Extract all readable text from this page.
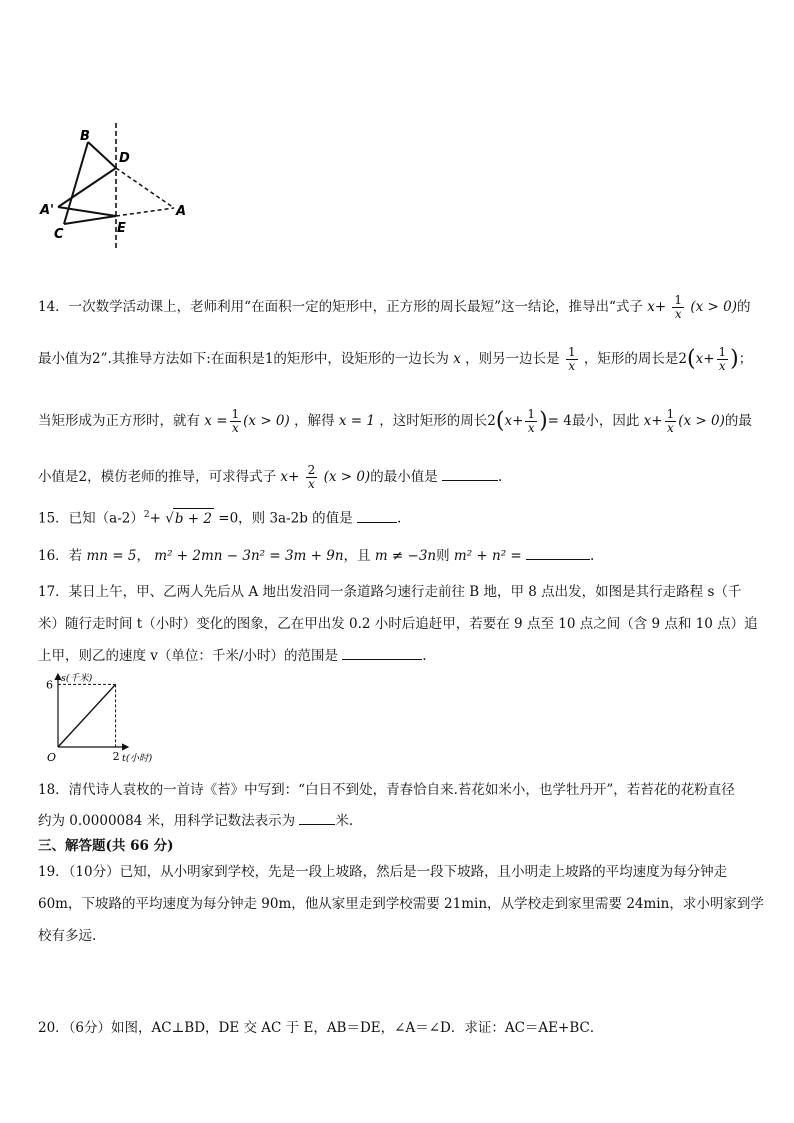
B
D
A'	A
C	E
14．一次数学活动课上，老师利用“在面积一定的矩形中，正方形的周长最短”这一结论，推导出“式子 $x+ \frac{1}{x} (x > 0)$的
最小值为2”.其推导方法如下:在面积是1的矩形中，设矩形的一边长为 x ，则另一边长是 $\frac{1}{x}$ ，矩形的周长是$2(x+ \frac{1}{x}$ )；
当矩形成为正方形时，就有 $x = \frac{1}{x} (x > 0)$ ，解得 x = 1 ，这时矩形的周长$2(x+ \frac{1}{x}$ )= 4最小，因此 $x+ \frac{1}{x} (x > 0)$的最
小值是2，模仿老师的推导，可求得式子 $x+ \frac{2}{x} (x > 0)$的最小值是	.
15．已知$(a-2)^2+ √b + 2 =0$，则 3a-2b 的值是	.
16．若 mn = 5， m² + 2mn − 3n² = 3m + 9n，且 m ≠ −3n则 m² + n² =	.
17．某日上午，甲、乙两人先后从 A 地出发沿同一条道路匀速行走前往 B 地，甲 8 点出发，如图是其行走路程 s（千
米）随行走时间 t（小时）变化的图象，乙在甲出发 0.2 小时后追赶甲，若要在 9 点至 10 点之间（含 9 点和 10 点）追
上甲，则乙的速度 v（单位：千米/小时）的范围是	.
2
6 s(千米)
t(小时)
O
18．清代诗人袁枚的一首诗《苔》中写到：“白日不到处，青春恰自来.苔花如米小，也学牡丹开”，若苔花的花粉直径
约为 0.0000084 米，用科学记数法表示为	米.
三、解答题(共 66 分)
19．（10分）已知，从小明家到学校，先是一段上坡路，然后是一段下坡路，且小明走上坡路的平均速度为每分钟走
60m，下坡路的平均速度为每分钟走 90m，他从家里走到学校需要 21min，从学校走到家里需要 24min，求小明家到学
校有多远.
20．（6分）如图，AC⊥BD，DE 交 AC 于 E，AB＝DE，∠A＝∠D．求证：AC＝AE+BC．
